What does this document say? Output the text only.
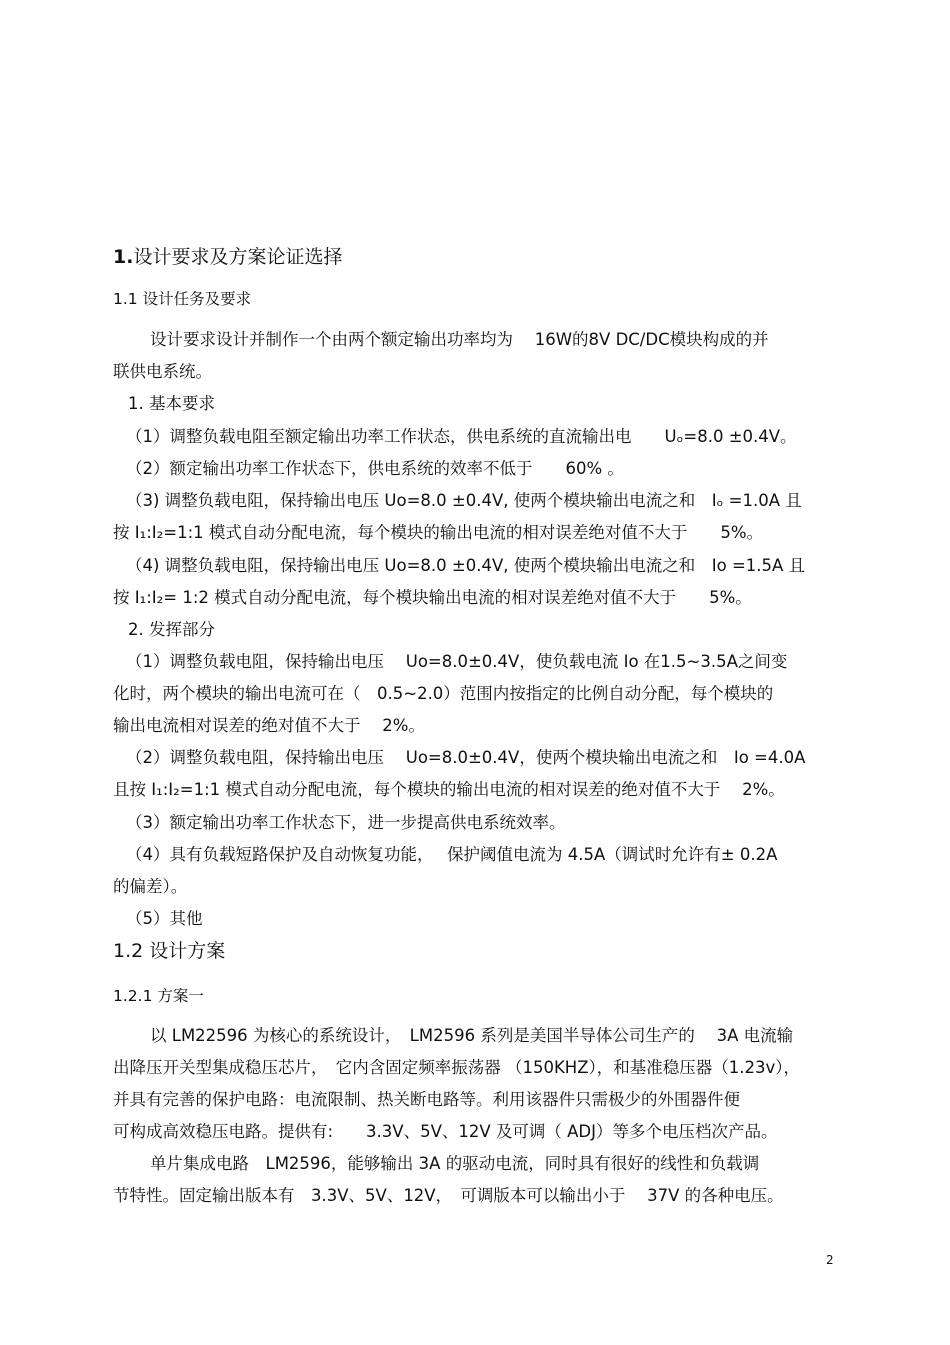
1.设计要求及方案论证选择
1.1 设计任务及要求
设计要求设计并制作一个由两个额定输出功率均为　 16W的8V DC/DC模块构成的并
联供电系统。
1. 基本要求
（1）调整负载电阻至额定输出功率工作状态，供电系统的直流输出电　　Uₒ=8.0 ±0.4V。
（2）额定输出功率工作状态下，供电系统的效率不低于　　60% 。
（3) 调整负载电阻，保持输出电压 Uo=8.0 ±0.4V, 使两个模块输出电流之和　Iₒ =1.0A 且
按 I₁:I₂=1:1 模式自动分配电流，每个模块的输出电流的相对误差绝对值不大于　　5%。
（4) 调整负载电阻，保持输出电压 Uo=8.0 ±0.4V, 使两个模块输出电流之和　Io =1.5A 且
按 I₁:I₂= 1:2 模式自动分配电流，每个模块输出电流的相对误差绝对值不大于　　5%。
2. 发挥部分
（1）调整负载电阻，保持输出电压　 Uo=8.0±0.4V，使负载电流 Io 在1.5~3.5A之间变
化时，两个模块的输出电流可在（　0.5~2.0）范围内按指定的比例自动分配，每个模块的
输出电流相对误差的绝对值不大于　 2%。
（2）调整负载电阻，保持输出电压　 Uo=8.0±0.4V，使两个模块输出电流之和　Io =4.0A
且按 I₁:I₂=1:1 模式自动分配电流，每个模块的输出电流的相对误差的绝对值不大于　 2%。
（3）额定输出功率工作状态下，进一步提高供电系统效率。
（4）具有负载短路保护及自动恢复功能，　 保护阈值电流为 4.5A（调试时允许有± 0.2A
的偏差）。
（5）其他
1.2 设计方案
1.2.1 方案一
以 LM22596 为核心的系统设计，　LM2596 系列是美国半导体公司生产的　 3A 电流输
出降压开关型集成稳压芯片，　它内含固定频率振荡器 （150KHZ），和基准稳压器（1.23v），
并具有完善的保护电路：电流限制、热关断电路等。利用该器件只需极少的外围器件便
可构成高效稳压电路。提供有:　　3.3V、5V、12V 及可调（ ADJ）等多个电压档次产品。
单片集成电路　LM2596，能够输出 3A 的驱动电流，同时具有很好的线性和负载调
节特性。固定输出版本有　3.3V、5V、12V，　可调版本可以输出小于　 37V 的各种电压。
2
